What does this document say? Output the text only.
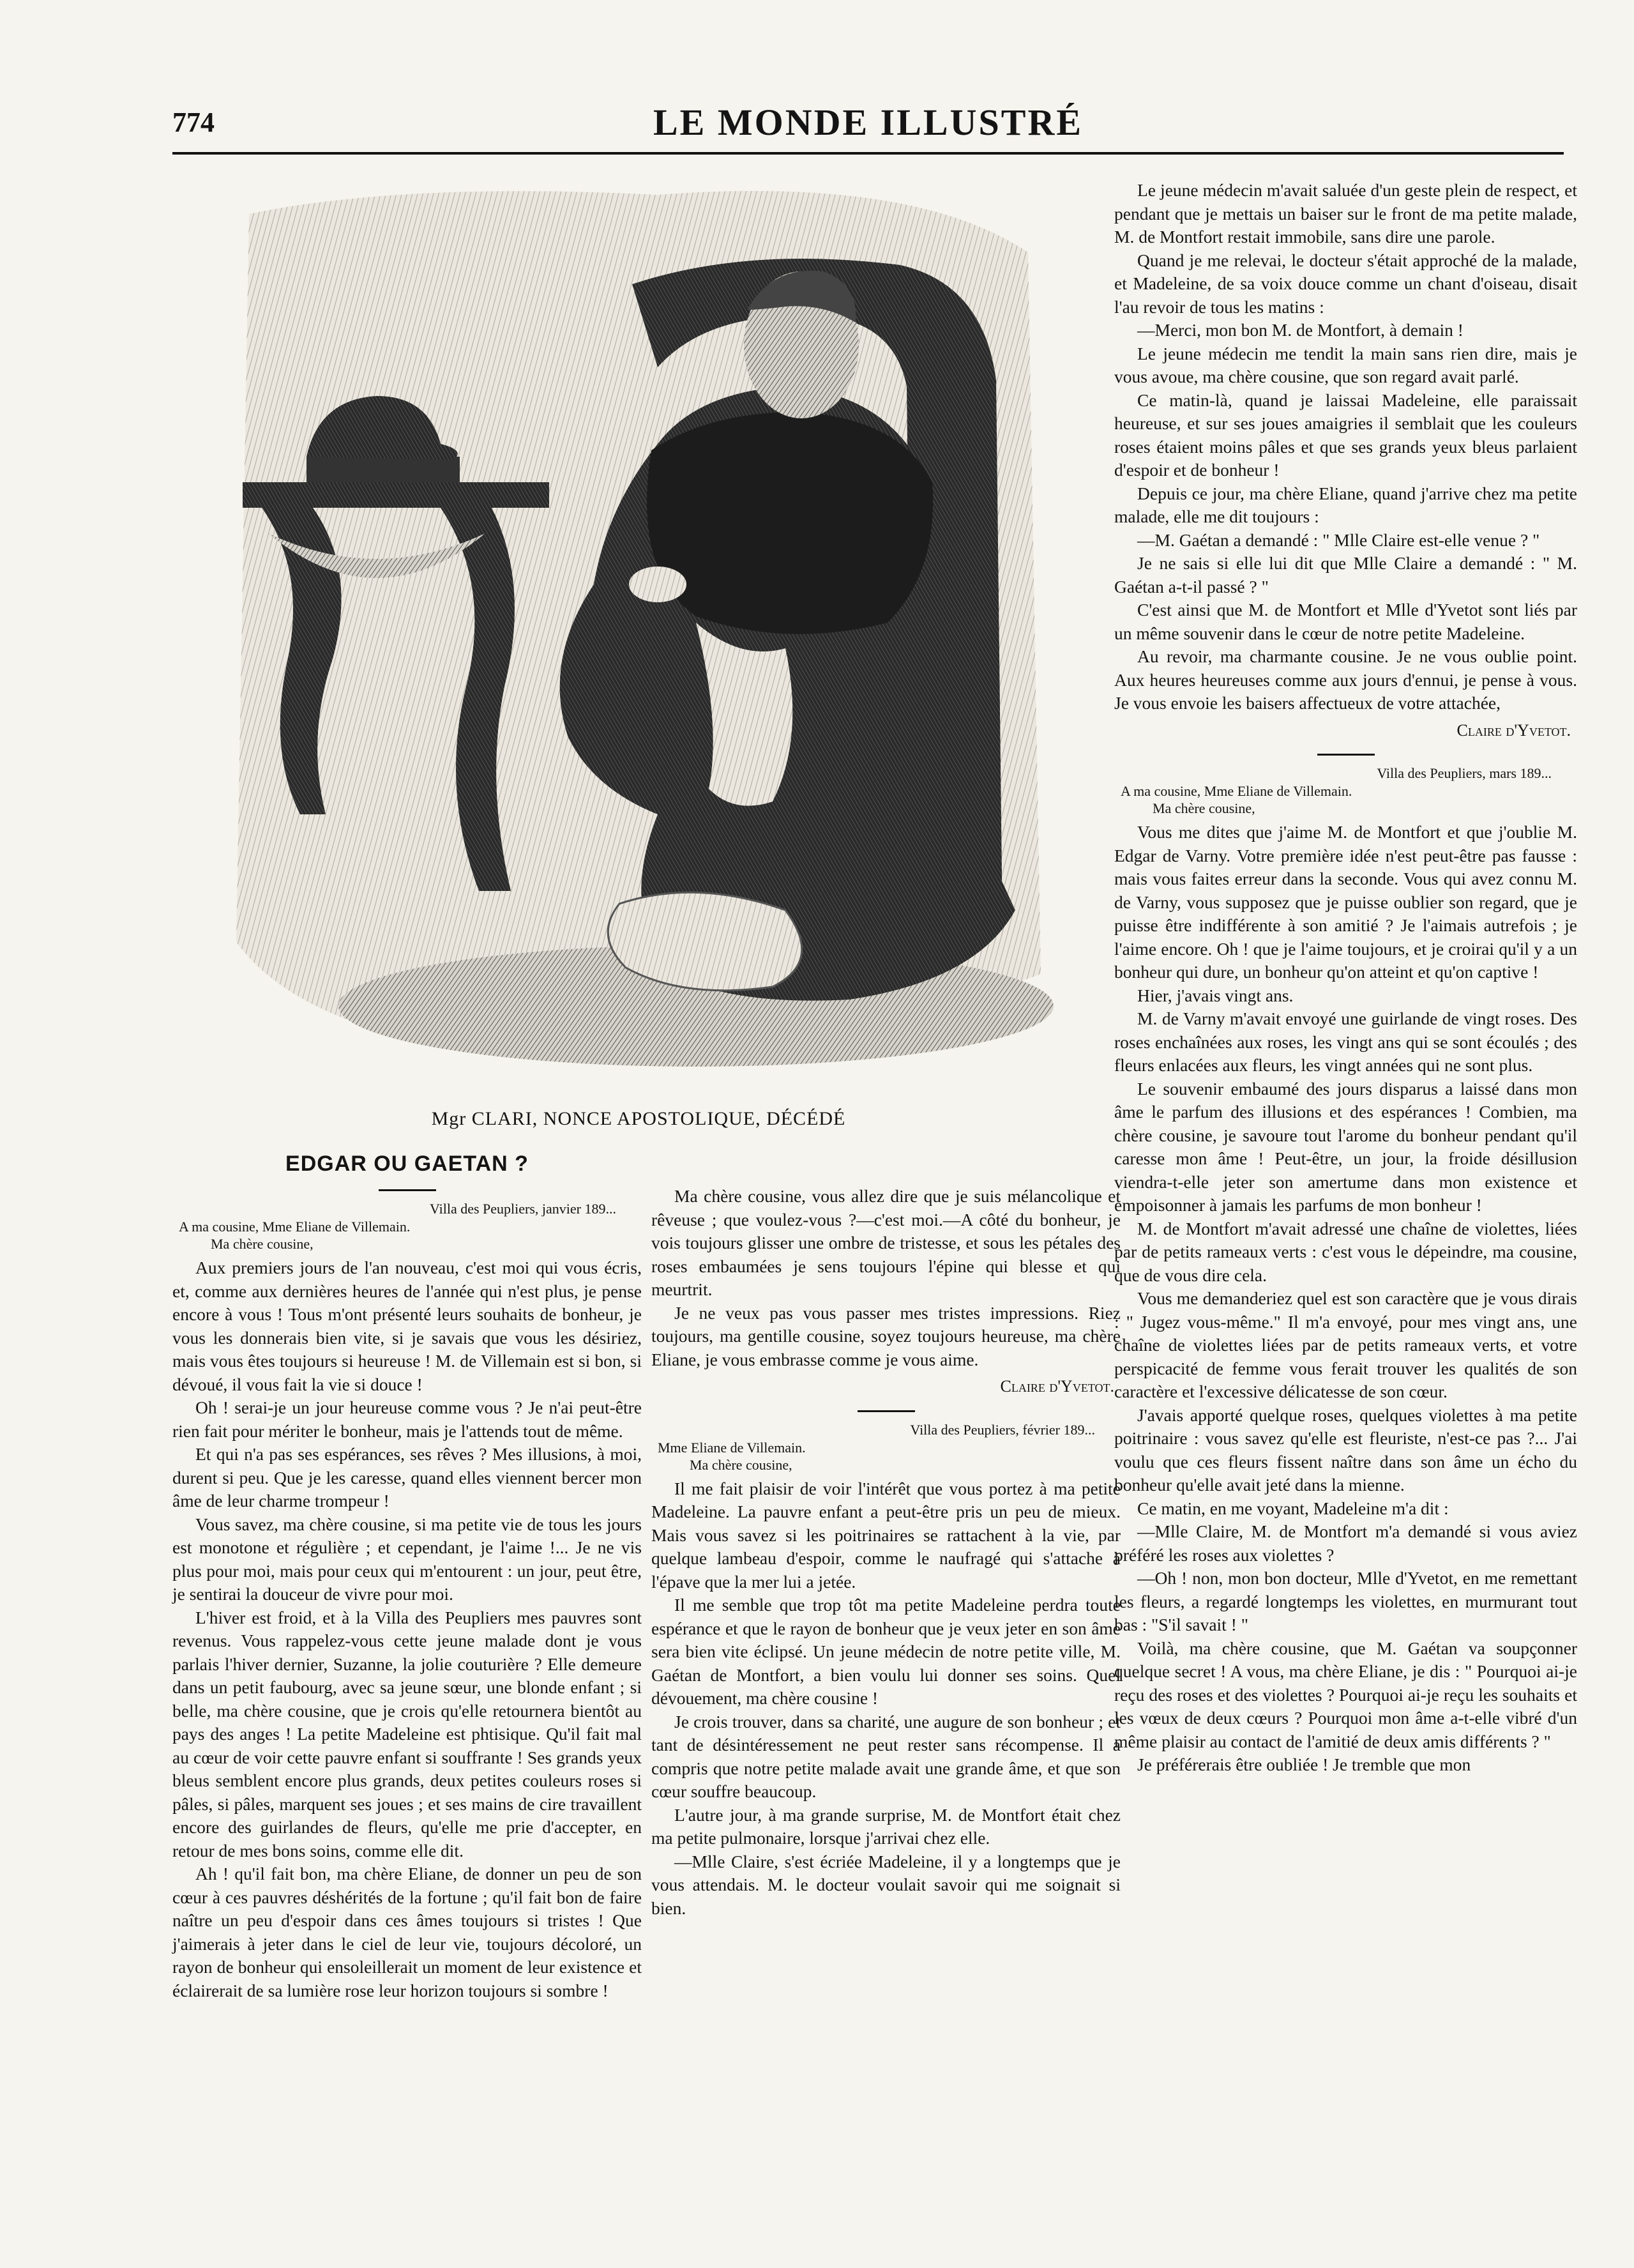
774	LE MONDE ILLUSTRÉ
Mgr CLARI, NONCE APOSTOLIQUE, DÉCÉDÉ
EDGAR OU GAETAN ?
Villa des Peupliers, janvier 189...
A ma cousine, Mme Eliane de Villemain.
Ma chère cousine,

Aux premiers jours de l'an nouveau, c'est moi qui vous écris, et, comme aux dernières heures de l'année qui n'est plus, je pense encore à vous ! Tous m'ont présenté leurs souhaits de bonheur, je vous les donnerais bien vite, si je savais que vous les désiriez, mais vous êtes toujours si heureuse ! M. de Villemain est si bon, si dévoué, il vous fait la vie si douce !

Oh ! serai-je un jour heureuse comme vous ? Je n'ai peut-être rien fait pour mériter le bonheur, mais je l'attends tout de même.

Et qui n'a pas ses espérances, ses rêves ? Mes illusions, à moi, durent si peu. Que je les caresse, quand elles viennent bercer mon âme de leur charme trompeur !

Vous savez, ma chère cousine, si ma petite vie de tous les jours est monotone et régulière ; et cependant, je l'aime !... Je ne vis plus pour moi, mais pour ceux qui m'entourent : un jour, peut être, je sentirai la douceur de vivre pour moi.

L'hiver est froid, et à la Villa des Peupliers mes pauvres sont revenus. Vous rappelez-vous cette jeune malade dont je vous parlais l'hiver dernier, Suzanne, la jolie couturière ? Elle demeure dans un petit faubourg, avec sa jeune sœur, une blonde enfant ; si belle, ma chère cousine, que je crois qu'elle retournera bientôt au pays des anges ! La petite Madeleine est phtisique. Qu'il fait mal au cœur de voir cette pauvre enfant si souffrante ! Ses grands yeux bleus semblent encore plus grands, deux petites couleurs roses si pâles, si pâles, marquent ses joues ; et ses mains de cire travaillent encore des guirlandes de fleurs, qu'elle me prie d'accepter, en retour de mes bons soins, comme elle dit.

Ah ! qu'il fait bon, ma chère Eliane, de donner un peu de son cœur à ces pauvres déshérités de la fortune ; qu'il fait bon de faire naître un peu d'espoir dans ces âmes toujours si tristes ! Que j'aimerais à jeter dans le ciel de leur vie, toujours décoloré, un rayon de bonheur qui ensoleillerait un moment de leur existence et éclairerait de sa lumière rose leur horizon toujours si sombre !

Ma chère cousine, vous allez dire que je suis mélancolique et rêveuse ; que voulez-vous ?—c'est moi.—A côté du bonheur, je vois toujours glisser une ombre de tristesse, et sous les pétales des roses embaumées je sens toujours l'épine qui blesse et qui meurtrit.

Je ne veux pas vous passer mes tristes impressions. Riez toujours, ma gentille cousine, soyez toujours heureuse, ma chère Eliane, je vous embrasse comme je vous aime.

Claire d'Yvetot.
Villa des Peupliers, février 189...
Mme Eliane de Villemain.
Ma chère cousine,

Il me fait plaisir de voir l'intérêt que vous portez à ma petite Madeleine. La pauvre enfant a peut-être pris un peu de mieux. Mais vous savez si les poitrinaires se rattachent à la vie, par quelque lambeau d'espoir, comme le naufragé qui s'attache à l'épave que la mer lui a jetée.

Il me semble que trop tôt ma petite Madeleine perdra toute espérance et que le rayon de bonheur que je veux jeter en son âme sera bien vite éclipsé. Un jeune médecin de notre petite ville, M. Gaétan de Montfort, a bien voulu lui donner ses soins. Quel dévouement, ma chère cousine !

Je crois trouver, dans sa charité, une augure de son bonheur ; et tant de désintéressement ne peut rester sans récompense. Il a compris que notre petite malade avait une grande âme, et que son cœur souffre beaucoup.

L'autre jour, à ma grande surprise, M. de Montfort était chez ma petite pulmonaire, lorsque j'arrivai chez elle.

—Mlle Claire, s'est écriée Madeleine, il y a longtemps que je vous attendais. M. le docteur voulait savoir qui me soignait si bien.

Le jeune médecin m'avait saluée d'un geste plein de respect, et pendant que je mettais un baiser sur le front de ma petite malade, M. de Montfort restait immobile, sans dire une parole.

Quand je me relevai, le docteur s'était approché de la malade, et Madeleine, de sa voix douce comme un chant d'oiseau, disait l'au revoir de tous les matins :

—Merci, mon bon M. de Montfort, à demain !

Le jeune médecin me tendit la main sans rien dire, mais je vous avoue, ma chère cousine, que son regard avait parlé.

Ce matin-là, quand je laissai Madeleine, elle paraissait heureuse, et sur ses joues amaigries il semblait que les couleurs roses étaient moins pâles et que ses grands yeux bleus parlaient d'espoir et de bonheur !

Depuis ce jour, ma chère Eliane, quand j'arrive chez ma petite malade, elle me dit toujours :

—M. Gaétan a demandé : " Mlle Claire est-elle venue ? "

Je ne sais si elle lui dit que Mlle Claire a demandé : " M. Gaétan a-t-il passé ? "

C'est ainsi que M. de Montfort et Mlle d'Yvetot sont liés par un même souvenir dans le cœur de notre petite Madeleine.

Au revoir, ma charmante cousine. Je ne vous oublie point. Aux heures heureuses comme aux jours d'ennui, je pense à vous. Je vous envoie les baisers affectueux de votre attachée,

Claire d'Yvetot.
Villa des Peupliers, mars 189...
A ma cousine, Mme Eliane de Villemain.
Ma chère cousine,

Vous me dites que j'aime M. de Montfort et que j'oublie M. Edgar de Varny. Votre première idée n'est peut-être pas fausse : mais vous faites erreur dans la seconde. Vous qui avez connu M. de Varny, vous supposez que je puisse oublier son regard, que je puisse être indifférente à son amitié ? Je l'aimais autrefois ; je l'aime encore. Oh ! que je l'aime toujours, et je croirai qu'il y a un bonheur qui dure, un bonheur qu'on atteint et qu'on captive !

Hier, j'avais vingt ans.

M. de Varny m'avait envoyé une guirlande de vingt roses. Des roses enchaînées aux roses, les vingt ans qui se sont écoulés ; des fleurs enlacées aux fleurs, les vingt années qui ne sont plus.

Le souvenir embaumé des jours disparus a laissé dans mon âme le parfum des illusions et des espérances ! Combien, ma chère cousine, je savoure tout l'arome du bonheur pendant qu'il caresse mon âme ! Peut-être, un jour, la froide désillusion viendra-t-elle jeter son amertume dans mon existence et empoisonner à jamais les parfums de mon bonheur !

M. de Montfort m'avait adressé une chaîne de violettes, liées par de petits rameaux verts : c'est vous le dépeindre, ma cousine, que de vous dire cela.

Vous me demanderiez quel est son caractère que je vous dirais : " Jugez vous-même." Il m'a envoyé, pour mes vingt ans, une chaîne de violettes liées par de petits rameaux verts, et votre perspicacité de femme vous ferait trouver les qualités de son caractère et l'excessive délicatesse de son cœur.

J'avais apporté quelque roses, quelques violettes à ma petite poitrinaire : vous savez qu'elle est fleuriste, n'est-ce pas ?... J'ai voulu que ces fleurs fissent naître dans son âme un écho du bonheur qu'elle avait jeté dans la mienne.

Ce matin, en me voyant, Madeleine m'a dit :

—Mlle Claire, M. de Montfort m'a demandé si vous aviez préféré les roses aux violettes ?

—Oh ! non, mon bon docteur, Mlle d'Yvetot, en me remettant les fleurs, a regardé longtemps les violettes, en murmurant tout bas : "S'il savait ! "

Voilà, ma chère cousine, que M. Gaétan va soupçonner quelque secret ! A vous, ma chère Eliane, je dis : " Pourquoi ai-je reçu des roses et des violettes ? Pourquoi ai-je reçu les souhaits et les vœux de deux cœurs ? Pourquoi mon âme a-t-elle vibré d'un même plaisir au contact de l'amitié de deux amis différents ? "

Je préférerais être oubliée ! Je tremble que mon
